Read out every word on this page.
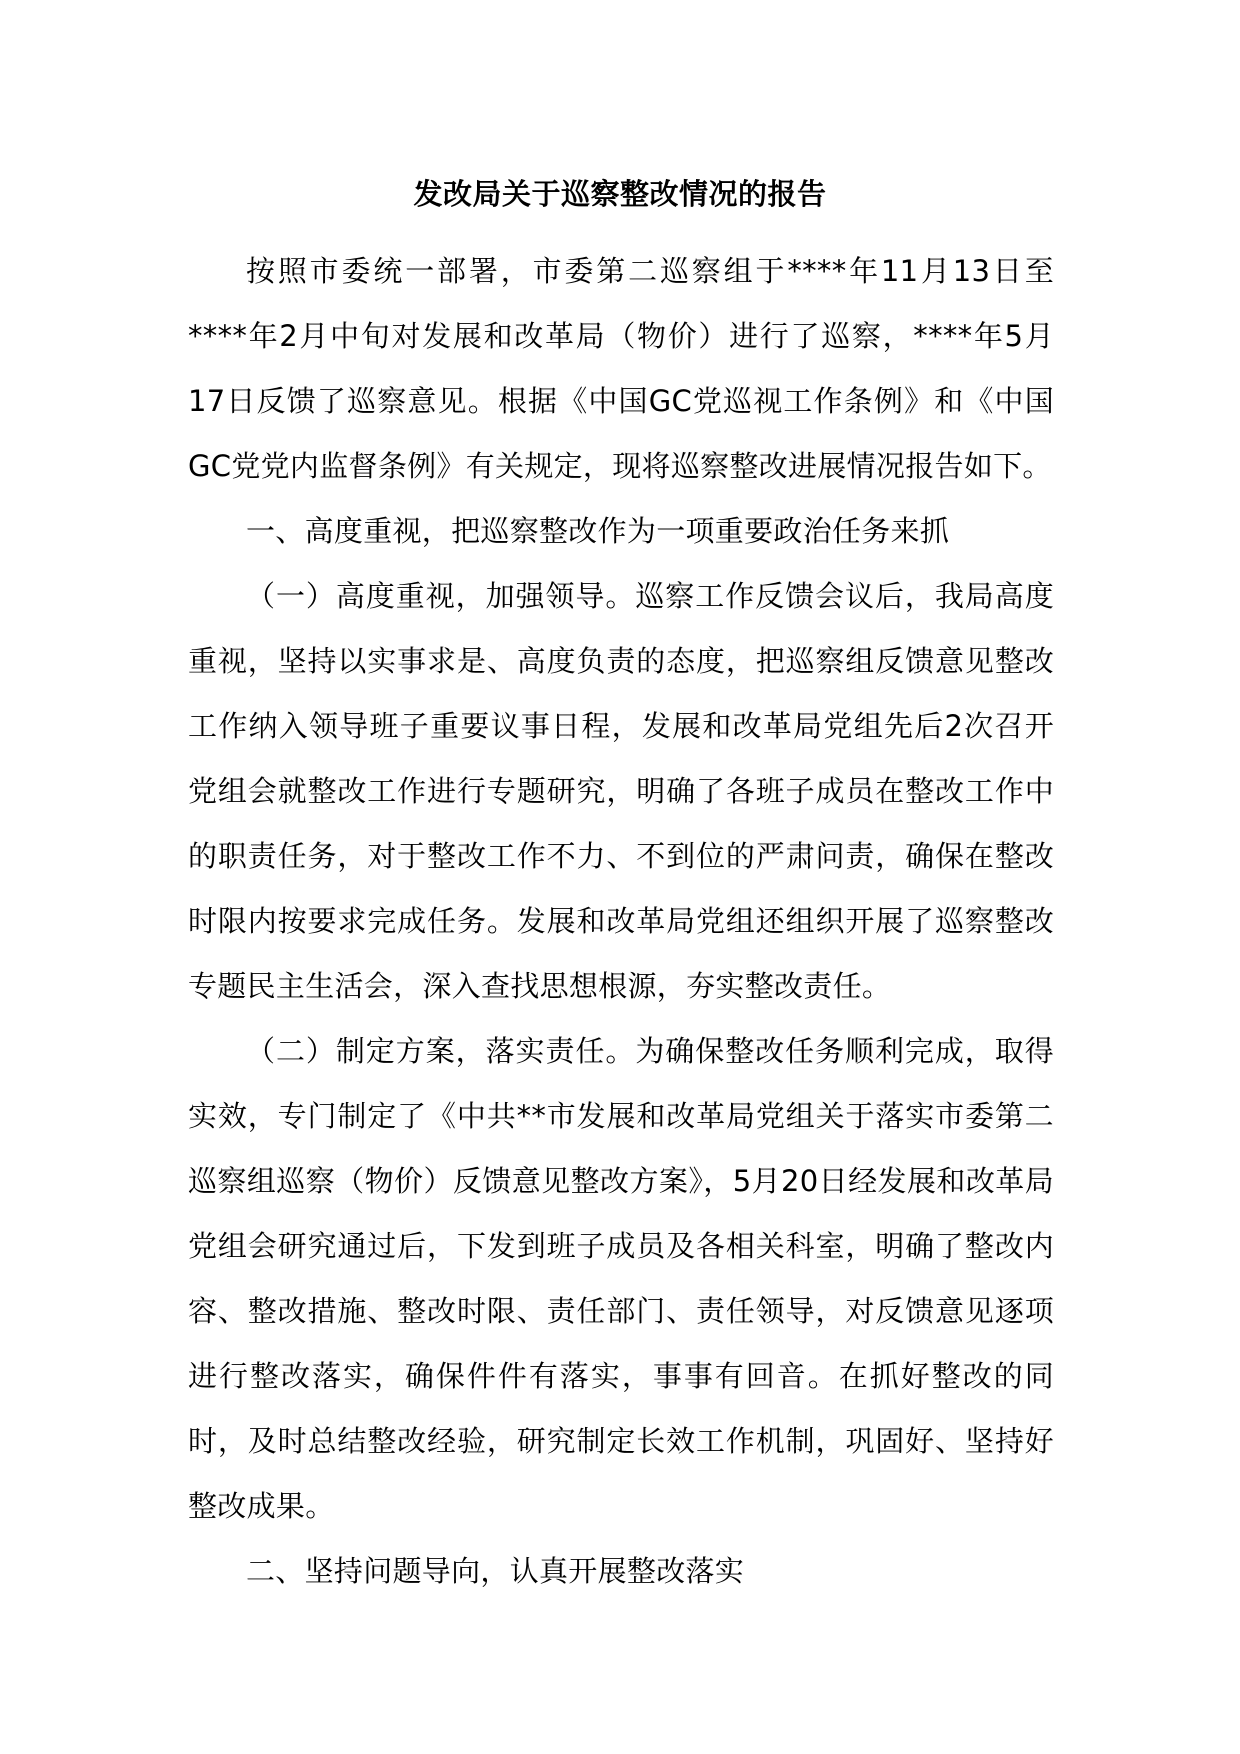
发改局关于巡察整改情况的报告

按照市委统一部署，市委第二巡察组于****年11月13日至****年2月中旬对发展和改革局（物价）进行了巡察，****年5月17日反馈了巡察意见。根据《中国GC党巡视工作条例》和《中国GC党党内监督条例》有关规定，现将巡察整改进展情况报告如下。

一、高度重视，把巡察整改作为一项重要政治任务来抓

（一）高度重视，加强领导。巡察工作反馈会议后，我局高度重视，坚持以实事求是、高度负责的态度，把巡察组反馈意见整改工作纳入领导班子重要议事日程，发展和改革局党组先后2次召开党组会就整改工作进行专题研究，明确了各班子成员在整改工作中的职责任务，对于整改工作不力、不到位的严肃问责，确保在整改时限内按要求完成任务。发展和改革局党组还组织开展了巡察整改专题民主生活会，深入查找思想根源，夯实整改责任。

（二）制定方案，落实责任。为确保整改任务顺利完成，取得实效，专门制定了《中共**市发展和改革局党组关于落实市委第二巡察组巡察（物价）反馈意见整改方案》，5月20日经发展和改革局党组会研究通过后，下发到班子成员及各相关科室，明确了整改内容、整改措施、整改时限、责任部门、责任领导，对反馈意见逐项进行整改落实，确保件件有落实，事事有回音。在抓好整改的同时，及时总结整改经验，研究制定长效工作机制，巩固好、坚持好整改成果。

二、坚持问题导向，认真开展整改落实
